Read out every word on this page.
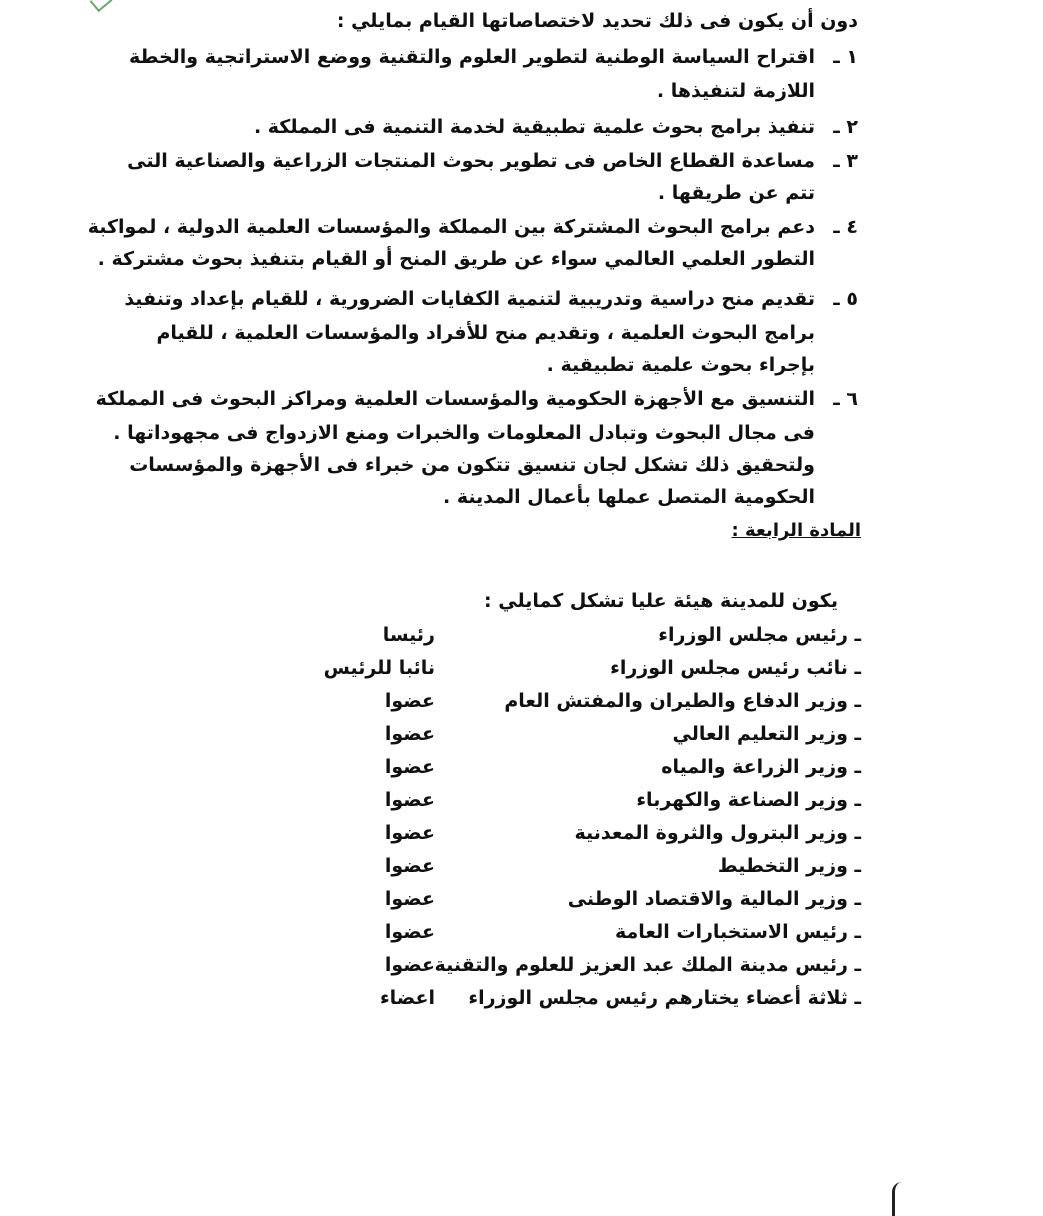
دون أن يكون فى ذلك تحديد لاختصاصاتها القيام بمايلي :
١ ـ
اقتراح السياسة الوطنية لتطوير العلوم والتقنية ووضع الاستراتجية والخطة
اللازمة لتنفيذها .
٢ ـ
تنفيذ برامج بحوث علمية تطبيقية لخدمة التنمية فى المملكة .
٣ ـ
مساعدة القطاع الخاص فى تطوير بحوث المنتجات الزراعية والصناعية التى
تتم عن طريقها .
٤ ـ
دعم برامج البحوث المشتركة بين المملكة والمؤسسات العلمية الدولية ، لمواكبة
التطور العلمي العالمي سواء عن طريق المنح أو القيام بتنفيذ بحوث مشتركة .
٥ ـ
تقديم منح دراسية وتدريبية لتنمية الكفايات الضرورية ، للقيام بإعداد وتنفيذ
برامج البحوث العلمية ، وتقديم منح للأفراد والمؤسسات العلمية ، للقيام
بإجراء بحوث علمية تطبيقية .
٦ ـ
التنسيق مع الأجهزة الحكومية والمؤسسات العلمية ومراكز البحوث فى المملكة
فى مجال البحوث وتبادل المعلومات والخبرات ومنع الازدواج فى مجهوداتها .
ولتحقيق ذلك تشكل لجان تنسيق تتكون من خبراء فى الأجهزة والمؤسسات
الحكومية المتصل عملها بأعمال المدينة .
المادة الرابعة :
يكون للمدينة هيئة عليا تشكل كمايلي :
ـ رئيس مجلس الوزراء
رئيسا
ـ نائب رئيس مجلس الوزراء
نائبا للرئيس
ـ وزير الدفاع والطيران والمفتش العام
عضوا
ـ وزير التعليم العالي
عضوا
ـ وزير الزراعة والمياه
عضوا
ـ وزير الصناعة والكهرباء
عضوا
ـ وزير البترول والثروة المعدنية
عضوا
ـ وزير التخطيط
عضوا
ـ وزير المالية والاقتصاد الوطنى
عضوا
ـ رئيس الاستخبارات العامة
عضوا
ـ رئيس مدينة الملك عبد العزيز للعلوم والتقنية
عضوا
ـ ثلاثة أعضاء يختارهم رئيس مجلس الوزراء
اعضاء
